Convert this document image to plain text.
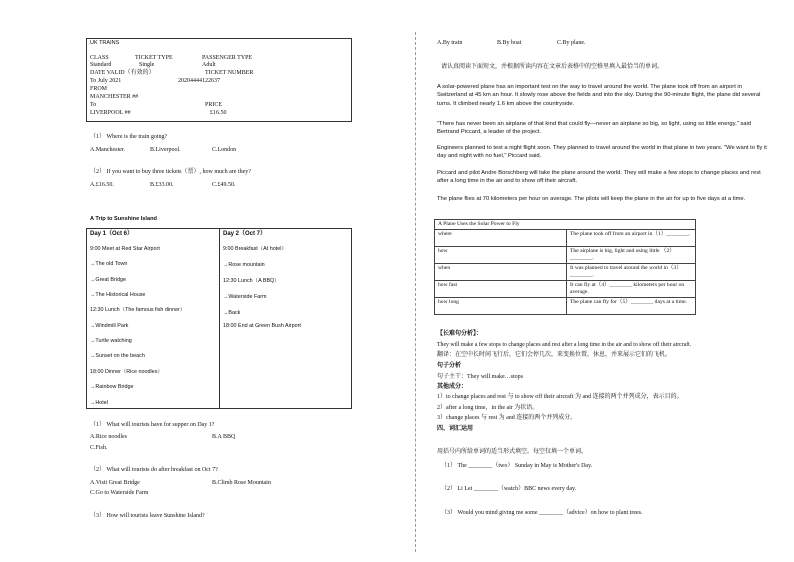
UK TRAINS
CLASS	TICKET TYPE	PASSENGER TYPE
Standard	Single	Adult
DATE VALID（有效的）	TICKET NUMBER
To July 2021	20204444122637
FROM
MANCHESTER ##
To	PRICE
LIVERPOOL ##	£16.50
（1） Where is the train going?
A.Manchester.	B.Liverpool.	C.London
（2） If you want to buy three tickets（票）, how much are they?
A.£16.50.	B.£33.00.	C.£49.50.
A Trip to Sunshine Island
Day 1（Oct 6）
9:00 Meet at Red Star Airport
→The old Town
→Great Bridge
→The Historical House
12:30 Lunch（The famous fish dinner）
→Windmill Park
→Turtle watching
→Sunset on the beach
18:00 Dinner（Rice noodles）
→Rainbow Bridge
→Hotel
Day 2（Oct 7）
9:00 Breakfast（At hotel）
→Rose mountain
12:30 Lunch（A BBQ）
→Waterside Farm
→Back
18:00 End at Green Bush Airport
（1） What will tourists have for supper on Day 1?
A.Rice noodles	B.A BBQ
C.Fish.
（2） What will tourists do after breakfast on Oct 7?
A.Visit Great Bridge	B.Climb Rose Mountain
C.Go to Waterside Farm
（3） How will tourists leave Sunshine Island?
A.By train	B.By boat	C.By plane.
请认真阅读下面短文，并根据所读内容在文章后表格中的空格里填入最恰当的单词。
A solar-powered plane has an important test on the way to travel around the world. The plane took off from an airport in Switzerland at 45 km an hour. It slowly rose above the fields and into the sky. During the 90-minute flight, the plane did several turns. It climbed nearly 1.6 km above the countryside.
"There has never been an airplane of that kind that could fly—never an airplane so big, so light, using so little energy," said Bertrand Piccard, a leader of the project.
Engineers planned to test a night flight soon. They planned to travel around the world in that plane in two years. "We want to fly it day and night with no fuel," Piccard said.
Piccard and pilot Andre Borschberg will take the plane around the world. They will make a few stops to change places and rest after a long time in the air and to show off their aircraft.
The plane flies at 70 kilometers per hour on average. The pilots will keep the plane in the air for up to five days at a time.
A Plane Uses the Solar Power to Fly	
where	The plane took off from an airport in（1）________.
how	The airplane is big, light and using little （2）________.
when	It was planned to travel around the world in（3）________.
how fast	It can fly at（4）________ kilometers per hour on average.
how long	The plane can fly for（5）________ days at a time.
【长难句分析】：
They will make a few stops to change places and rest after a long time in the air and to show off their aircraft.
翻译：在空中长时间飞行后，它们会停几次，来变换位置，休息，并来展示它们的飞机。
句子分析
句子主干：They will make…stops
其他成分：
1）to change places and rest 与 to show off their aircraft 为 and 连接的两个并列成分，表示目的。
2）after a long time，in the air 为状语。
3）change places 与 rest 为 and 连接的两个并列成分。
四、词汇运用
用括号内所给单词的适当形式填空。每空仅填一个单词。
（1） The ________（two） Sunday in May is Mother's Day.
（2） Li Lei ________（watch）BBC news every day.
（3） Would you mind giving me some ________（advice）on how to plant trees.
